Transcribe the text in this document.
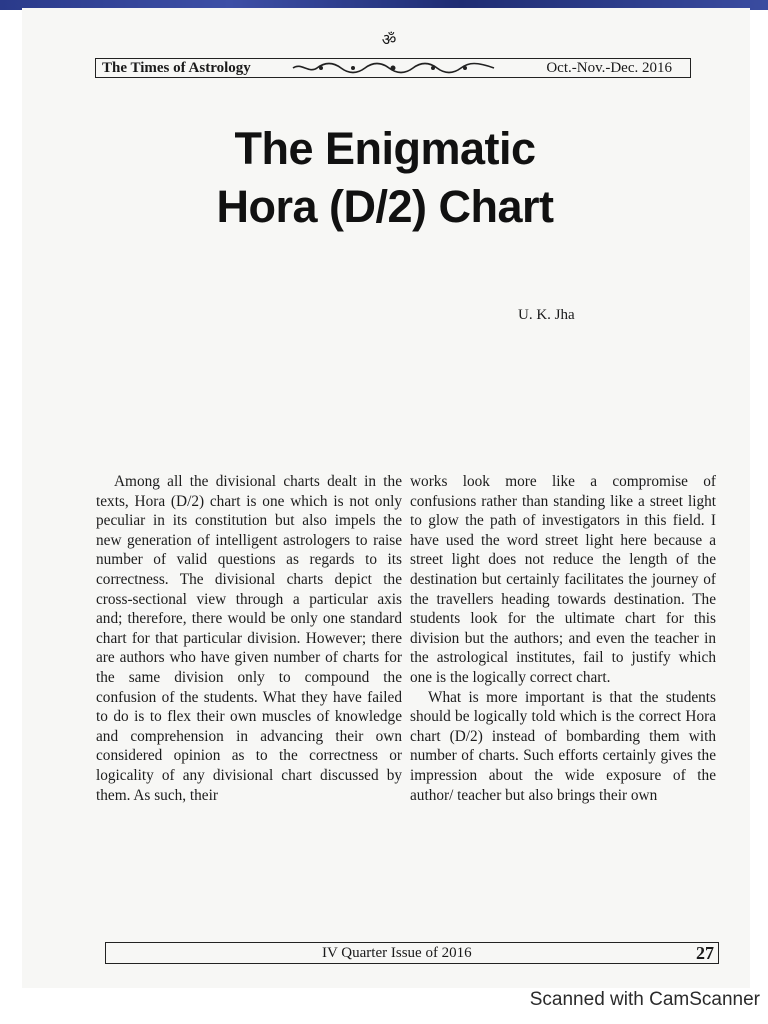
ॐ
The Times of Astrology	Oct.-Nov.-Dec. 2016
The Enigmatic
Hora (D/2) Chart
U. K. Jha

Among all the divisional charts dealt in the texts, Hora (D/2) chart is one which is not only peculiar in its constitution but also impels the new generation of intelligent astrologers to raise number of valid questions as regards to its correctness. The divisional charts depict the cross-sectional view through a particular axis and; therefore, there would be only one standard chart for that particular division. However; there are authors who have given number of charts for the same division only to compound the confusion of the students. What they have failed to do is to flex their own muscles of knowledge and comprehension in advancing their own considered opinion as to the correctness or logicality of any divisional chart discussed by them. As such, their

works look more like a compromise of confusions rather than standing like a street light to glow the path of investigators in this field. I have used the word street light here because a street light does not reduce the length of the destination but certainly facilitates the journey of the travellers heading towards destination. The students look for the ultimate chart for this division but the authors; and even the teacher in the astrological institutes, fail to justify which one is the logically correct chart.

What is more important is that the students should be logically told which is the correct Hora chart (D/2) instead of bombarding them with number of charts. Such efforts certainly gives the impression about the wide exposure of the author/ teacher but also brings their own

IV Quarter Issue of 2016	27
Scanned with CamScanner
